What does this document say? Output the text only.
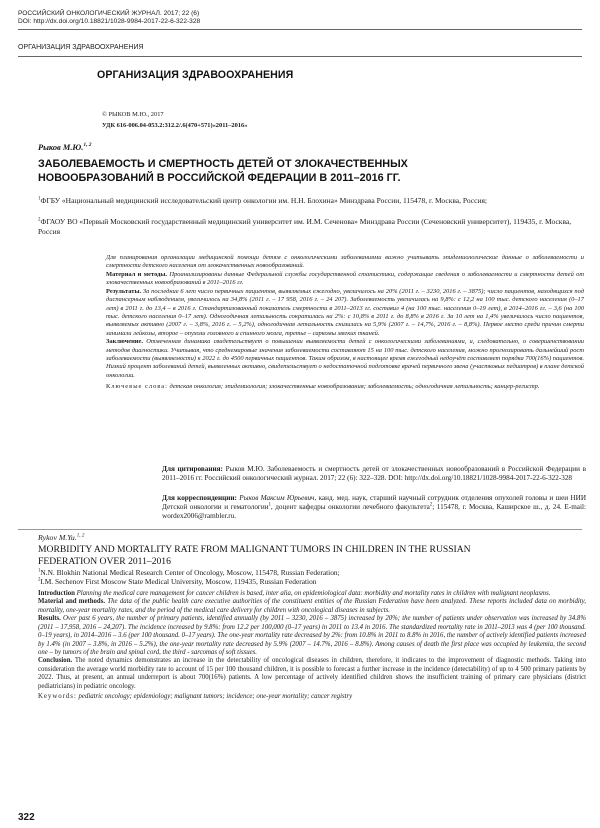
РОССИЙСКИЙ ОНКОЛОГИЧЕСКИЙ ЖУРНАЛ. 2017; 22 (6)
DOI: http://dx.doi.org/10.18821/1028-9984-2017-22-6-322-328
ОРГАНИЗАЦИЯ ЗДРАВООХРАНЕНИЯ
ОРГАНИЗАЦИЯ ЗДРАВООХРАНЕНИЯ
© РЫКОВ М.Ю., 2017
УДК 616-006.04-053.2:312.2/.6(470+571)«2011–2016»
Рыков М.Ю.$^{1, 2}$
ЗАБОЛЕВАЕМОСТЬ И СМЕРТНОСТЬ ДЕТЕЙ ОТ ЗЛОКАЧЕСТВЕННЫХ
НОВООБРАЗОВАНИЙ В РОССИЙСКОЙ ФЕДЕРАЦИИ В 2011–2016 ГГ.
$^1$ФГБУ «Национальный медицинский исследовательский центр онкологии им. Н.Н. Блохина» Минздрава России, 115478, г. Москва, Россия;
$^2$ФГАОУ ВО «Первый Московский государственный медицинский университет им. И.М. Сеченова» Минздрава России (Сеченовский университет), 119435, г. Москва, Россия

Для планирования организации медицинской помощи детям с онкологическими заболеваниями важно учитывать эпидемиологические данные о заболеваемости и смертности детского населения от злокачественных новообразований.

Материал и методы. Проанализированы данные Федеральной службы государственной статистики, содержащие сведения о заболеваемости и смертности детей от злокачественных новообразований в 2011–2016 гг.

Результаты. За последние 6 лет число первичных пациентов, выявляемых ежегодно, увеличилось на 20% (2011 г. – 3230, 2016 г. – 3875); число пациентов, находящихся под диспансерным наблюдением, увеличилось на 34,8% (2011 г. – 17 958, 2016 г. – 24 207). Заболеваемость увеличилась на 9,8%: с 12,2 на 100 тыс. детского населения (0–17 лет) в 2011 г. до 13,4 – в 2016 г. Стандартизованный показатель смертности в 2011–2013 гг. составил 4 (на 100 тыс. населения 0–19 лет), в 2014–2016 гг. – 3,6 (на 100 тыс. детского населения 0–17 лет). Одногодичная летальность сократилась на 2%: с 10,8% в 2011 г. до 8,8% в 2016 г. За 10 лет на 1,4% увеличилось число пациентов, выявляемых активно (2007 г. – 3,8%, 2016 г. – 5,2%), одногодичная летальность снизилась на 5,9% (2007 г. – 14,7%, 2016 г. – 8,8%). Первое место среди причин смерти занимали лейкозы, второе – опухоли головного и спинного мозга, третье – саркомы мягких тканей.

Заключение. Отмеченная динамика свидетельствует о повышении выявляемости детей с онкологическими заболеваниями, и, следовательно, о совершенствовании методов диагностики. Учитывая, что среднемировые значения заболеваемости составляют 15 на 100 тыс. детского населения, можно прогнозировать дальнейший рост заболеваемости (выявляемости) к 2022 г. до 4500 первичных пациентов. Таким образом, в настоящее время ежегодный недоучёт составляет порядка 700(16%) пациентов. Низкий процент заболеваний детей, выявленных активно, свидетельствует о недостаточной подготовке врачей первичного звена (участковых педиатров) в плане детской онкологии.

Ключевые слова: детская онкология; эпидемиология; злокачественные новообразования; заболеваемость; одногодичная летальность; канцер-регистр.

Для цитирования: Рыков М.Ю. Заболеваемость и смертность детей от злокачественных новообразований в Российской Федерации в 2011–2016 гг. Российский онкологический журнал. 2017; 22 (6): 322–328. DOI: http://dx.doi.org/10.18821/1028-9984-2017-22-6-322-328
Для корреспонденции: Рыков Максим Юрьевич, канд. мед. наук, старший научный сотрудник отделения опухолей головы и шеи НИИ Детской онкологии и гематологии$^1$, доцент кафедры онкологии лечебного факультета$^2$; 115478, г. Москва, Каширское ш., д. 24. E-mail: wordex2006@rambler.ru.
Rykov M.Yu.$^{1, 2}$
MORBIDITY AND MORTALITY RATE FROM MALIGNANT TUMORS IN CHILDREN IN THE RUSSIAN
FEDERATION OVER 2011–2016
$^1$N.N. Blokhin National Medical Research Center of Oncology, Moscow, 115478, Russian Federation;
$^2$I.M. Sechenov First Moscow State Medical University, Moscow, 119435, Russian Federation

Introduction Planning the medical care management for cancer children is based, inter alia, on epidemiological data: morbidity and mortality rates in children with malignant neoplasms.

Material and methods. The data of the public health care executive authorities of the constituent entities of the Russian Federation have been analyzed. These reports included data on morbidity, mortality, one-year mortality rates, and the period of the medical care delivery for children with oncological diseases in subjects.

Results. Over past 6 years, the number of primary patients, identified annually (by 2011 – 3230, 2016 – 3875) increased by 20%; the number of patients under observation was increased by 34.8% (2011 – 17,958, 2016 – 24,207). The incidence increased by 9.8%: from 12.2 per 100,000 (0–17 years) in 2011 to 13.4 in 2016. The standardized mortality rate in 2011–2013 was 4 (per 100 thousand. 0–19 years), in 2014–2016 – 3.6 (per 100 thousand. 0–17 years). The one-year mortality rate decreased by 2%: from 10.8% in 2011 to 8.8% in 2016, the number of actively identified patients increased by 1.4% (in 2007 – 3.8%, in 2016 – 5.2%), the one-year mortality rate decreased by 5.9% (2007 – 14.7%, 2016 – 8.8%). Among causes of death the first place was occupied by leukemia, the second one – by tumors of the brain and spinal cord, the third - sarcomas of soft tissues.

Conclusion. The noted dynamics demonstrates an increase in the detectability of oncological diseases in children, therefore, it indicates to the improvement of diagnostic methods. Taking into consideration the average world morbidity rate to account of 15 per 100 thousand children, it is possible to forecast a further increase in the incidence (detectability) of up to 4 500 primary patients by 2022. Thus, at present, an annual underreport is about 700(16%) patients. A low percentage of actively identified children shows the insufficient training of primary care physicians (district pediatricians) in pediatric oncology.

Keywords: pediatric oncology; epidemiology; malignant tumors; incidence; one-year mortality; cancer registry

322
